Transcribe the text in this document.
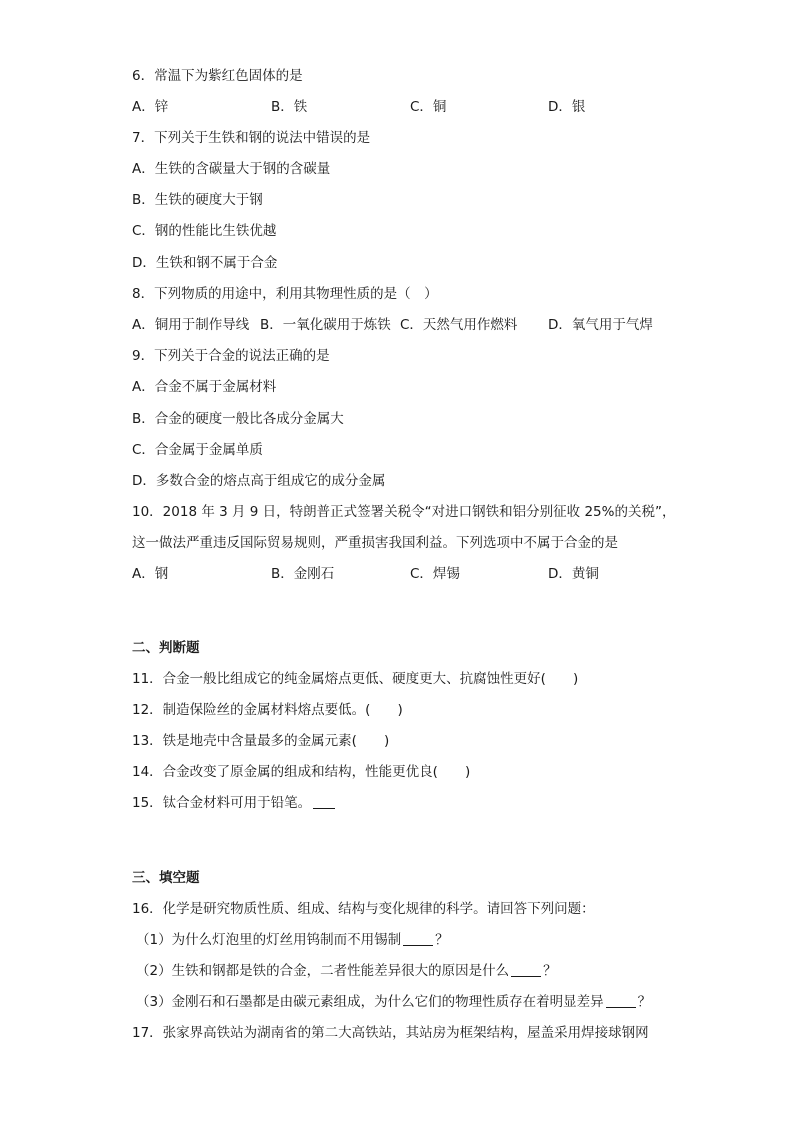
6．常温下为紫红色固体的是
A．锌	B．铁	C．铜	D．银
7．下列关于生铁和钢的说法中错误的是
A．生铁的含碳量大于钢的含碳量
B．生铁的硬度大于钢
C．钢的性能比生铁优越
D．生铁和钢不属于合金
8．下列物质的用途中，利用其物理性质的是（　）
A．铜用于制作导线 B．一氧化碳用于炼铁 C．天然气用作燃料 D．氧气用于气焊
9．下列关于合金的说法正确的是
A．合金不属于金属材料
B．合金的硬度一般比各成分金属大
C．合金属于金属单质
D．多数合金的熔点高于组成它的成分金属
10．2018 年 3 月 9 日，特朗普正式签署关税令“对进口钢铁和铝分别征收 25%的关税”，
这一做法严重违反国际贸易规则，严重损害我国利益。下列选项中不属于合金的是
A．钢	B．金刚石	C．焊锡	D．黄铜
二、判断题
11．合金一般比组成它的纯金属熔点更低、硬度更大、抗腐蚀性更好(　　)
12．制造保险丝的金属材料熔点要低。(　　)
13．铁是地壳中含量最多的金属元素(　　)
14．合金改变了原金属的组成和结构，性能更优良(　　)
15．钛合金材料可用于铅笔。
三、填空题
16．化学是研究物质性质、组成、结构与变化规律的科学。请回答下列问题：
（1）为什么灯泡里的灯丝用钨制而不用锡制	？
（2）生铁和钢都是铁的合金，二者性能差异很大的原因是什么	？
（3）金刚石和石墨都是由碳元素组成，为什么它们的物理性质存在着明显差异	？
17．张家界高铁站为湖南省的第二大高铁站，其站房为框架结构，屋盖采用焊接球钢网
